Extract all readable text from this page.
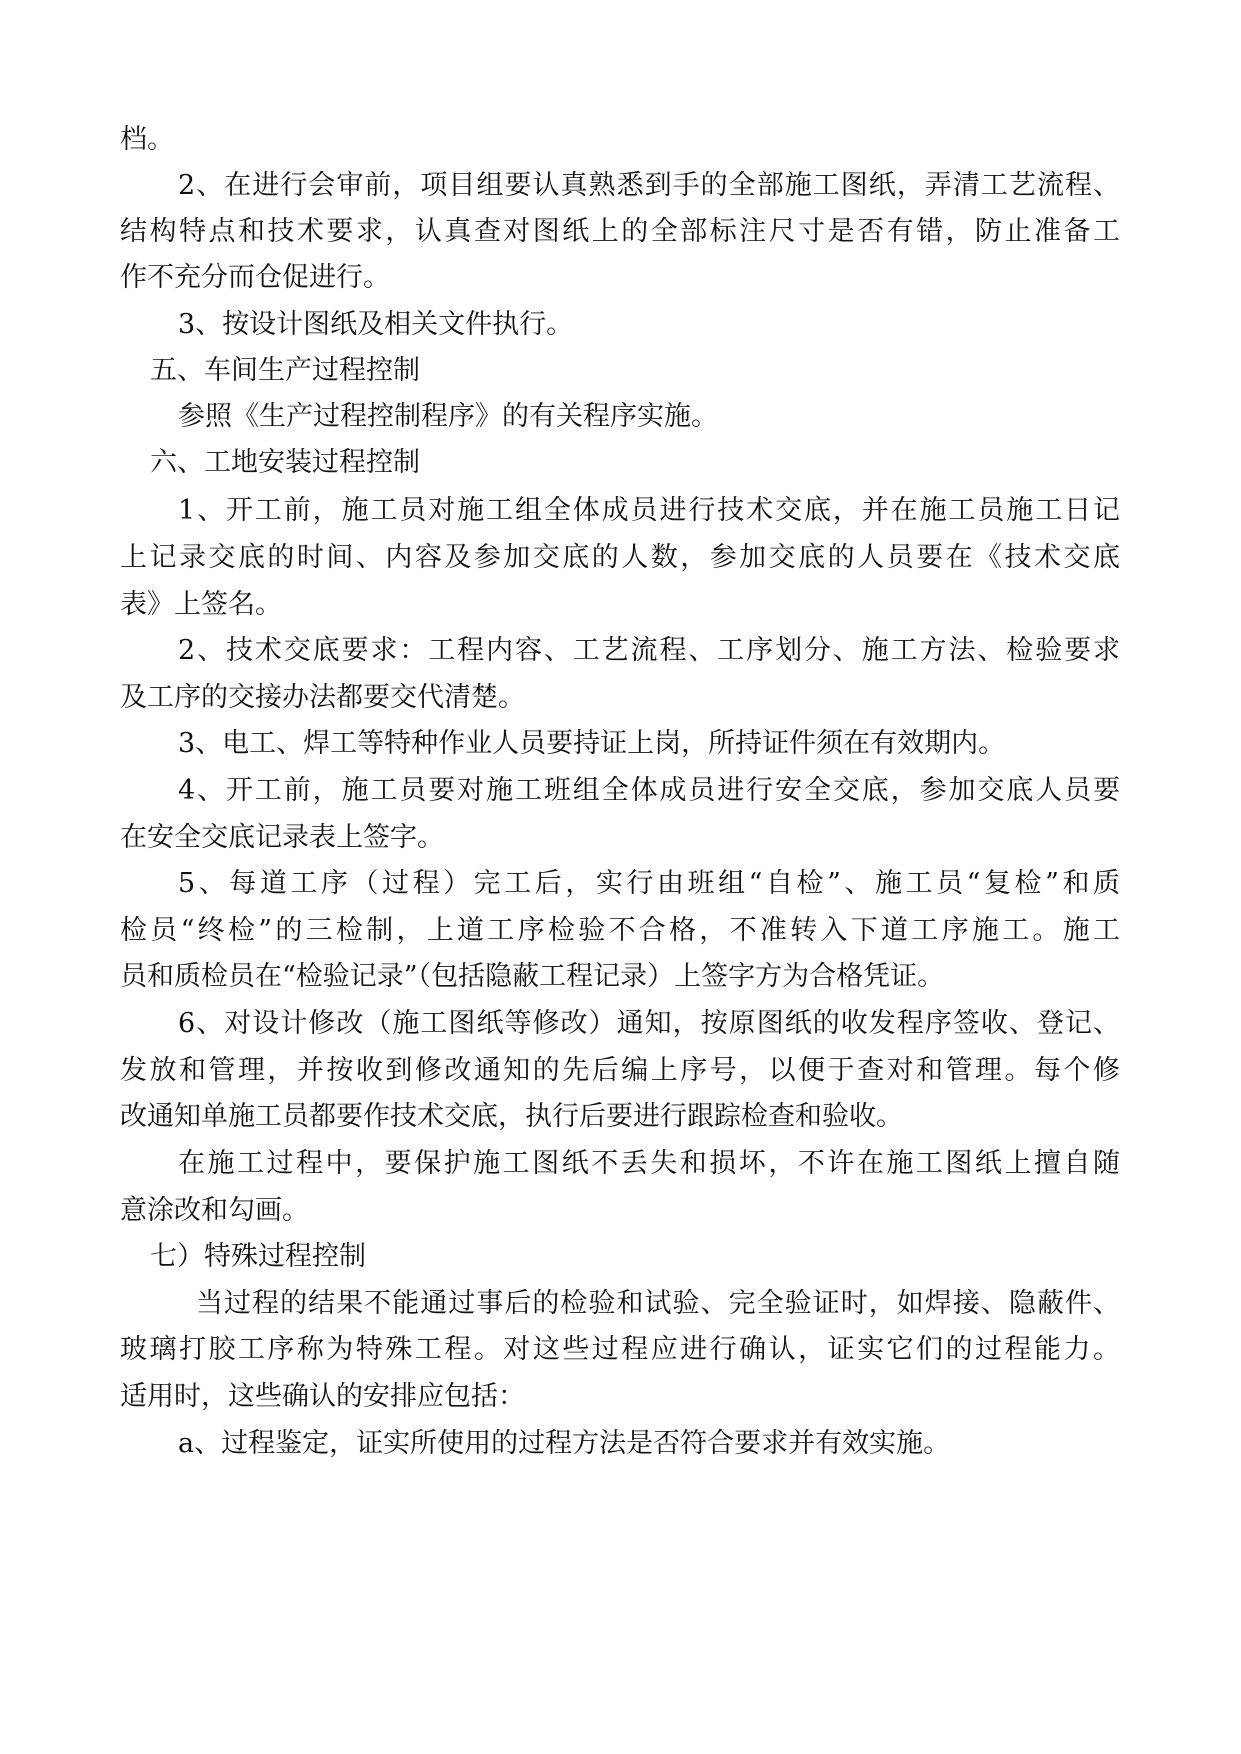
档。
2、在进行会审前，项目组要认真熟悉到手的全部施工图纸，弄清工艺流程、
结构特点和技术要求，认真查对图纸上的全部标注尺寸是否有错，防止准备工
作不充分而仓促进行。
3、按设计图纸及相关文件执行。
五、车间生产过程控制
参照《生产过程控制程序》的有关程序实施。
六、工地安装过程控制
1、开工前，施工员对施工组全体成员进行技术交底，并在施工员施工日记
上记录交底的时间、内容及参加交底的人数，参加交底的人员要在《技术交底
表》上签名。
2、技术交底要求：工程内容、工艺流程、工序划分、施工方法、检验要求
及工序的交接办法都要交代清楚。
3、电工、焊工等特种作业人员要持证上岗，所持证件须在有效期内。
4、开工前，施工员要对施工班组全体成员进行安全交底，参加交底人员要
在安全交底记录表上签字。
5、每道工序（过程）完工后，实行由班组“自检”、施工员“复检”和质
检员“终检”的三检制，上道工序检验不合格，不准转入下道工序施工。施工
员和质检员在“检验记录”（包括隐蔽工程记录）上签字方为合格凭证。
6、对设计修改（施工图纸等修改）通知，按原图纸的收发程序签收、登记、
发放和管理，并按收到修改通知的先后编上序号，以便于查对和管理。每个修
改通知单施工员都要作技术交底，执行后要进行跟踪检查和验收。
在施工过程中，要保护施工图纸不丢失和损坏，不许在施工图纸上擅自随
意涂改和勾画。
七）特殊过程控制
当过程的结果不能通过事后的检验和试验、完全验证时，如焊接、隐蔽件、
玻璃打胶工序称为特殊工程。对这些过程应进行确认，证实它们的过程能力。
适用时，这些确认的安排应包括：
a、过程鉴定，证实所使用的过程方法是否符合要求并有效实施。
